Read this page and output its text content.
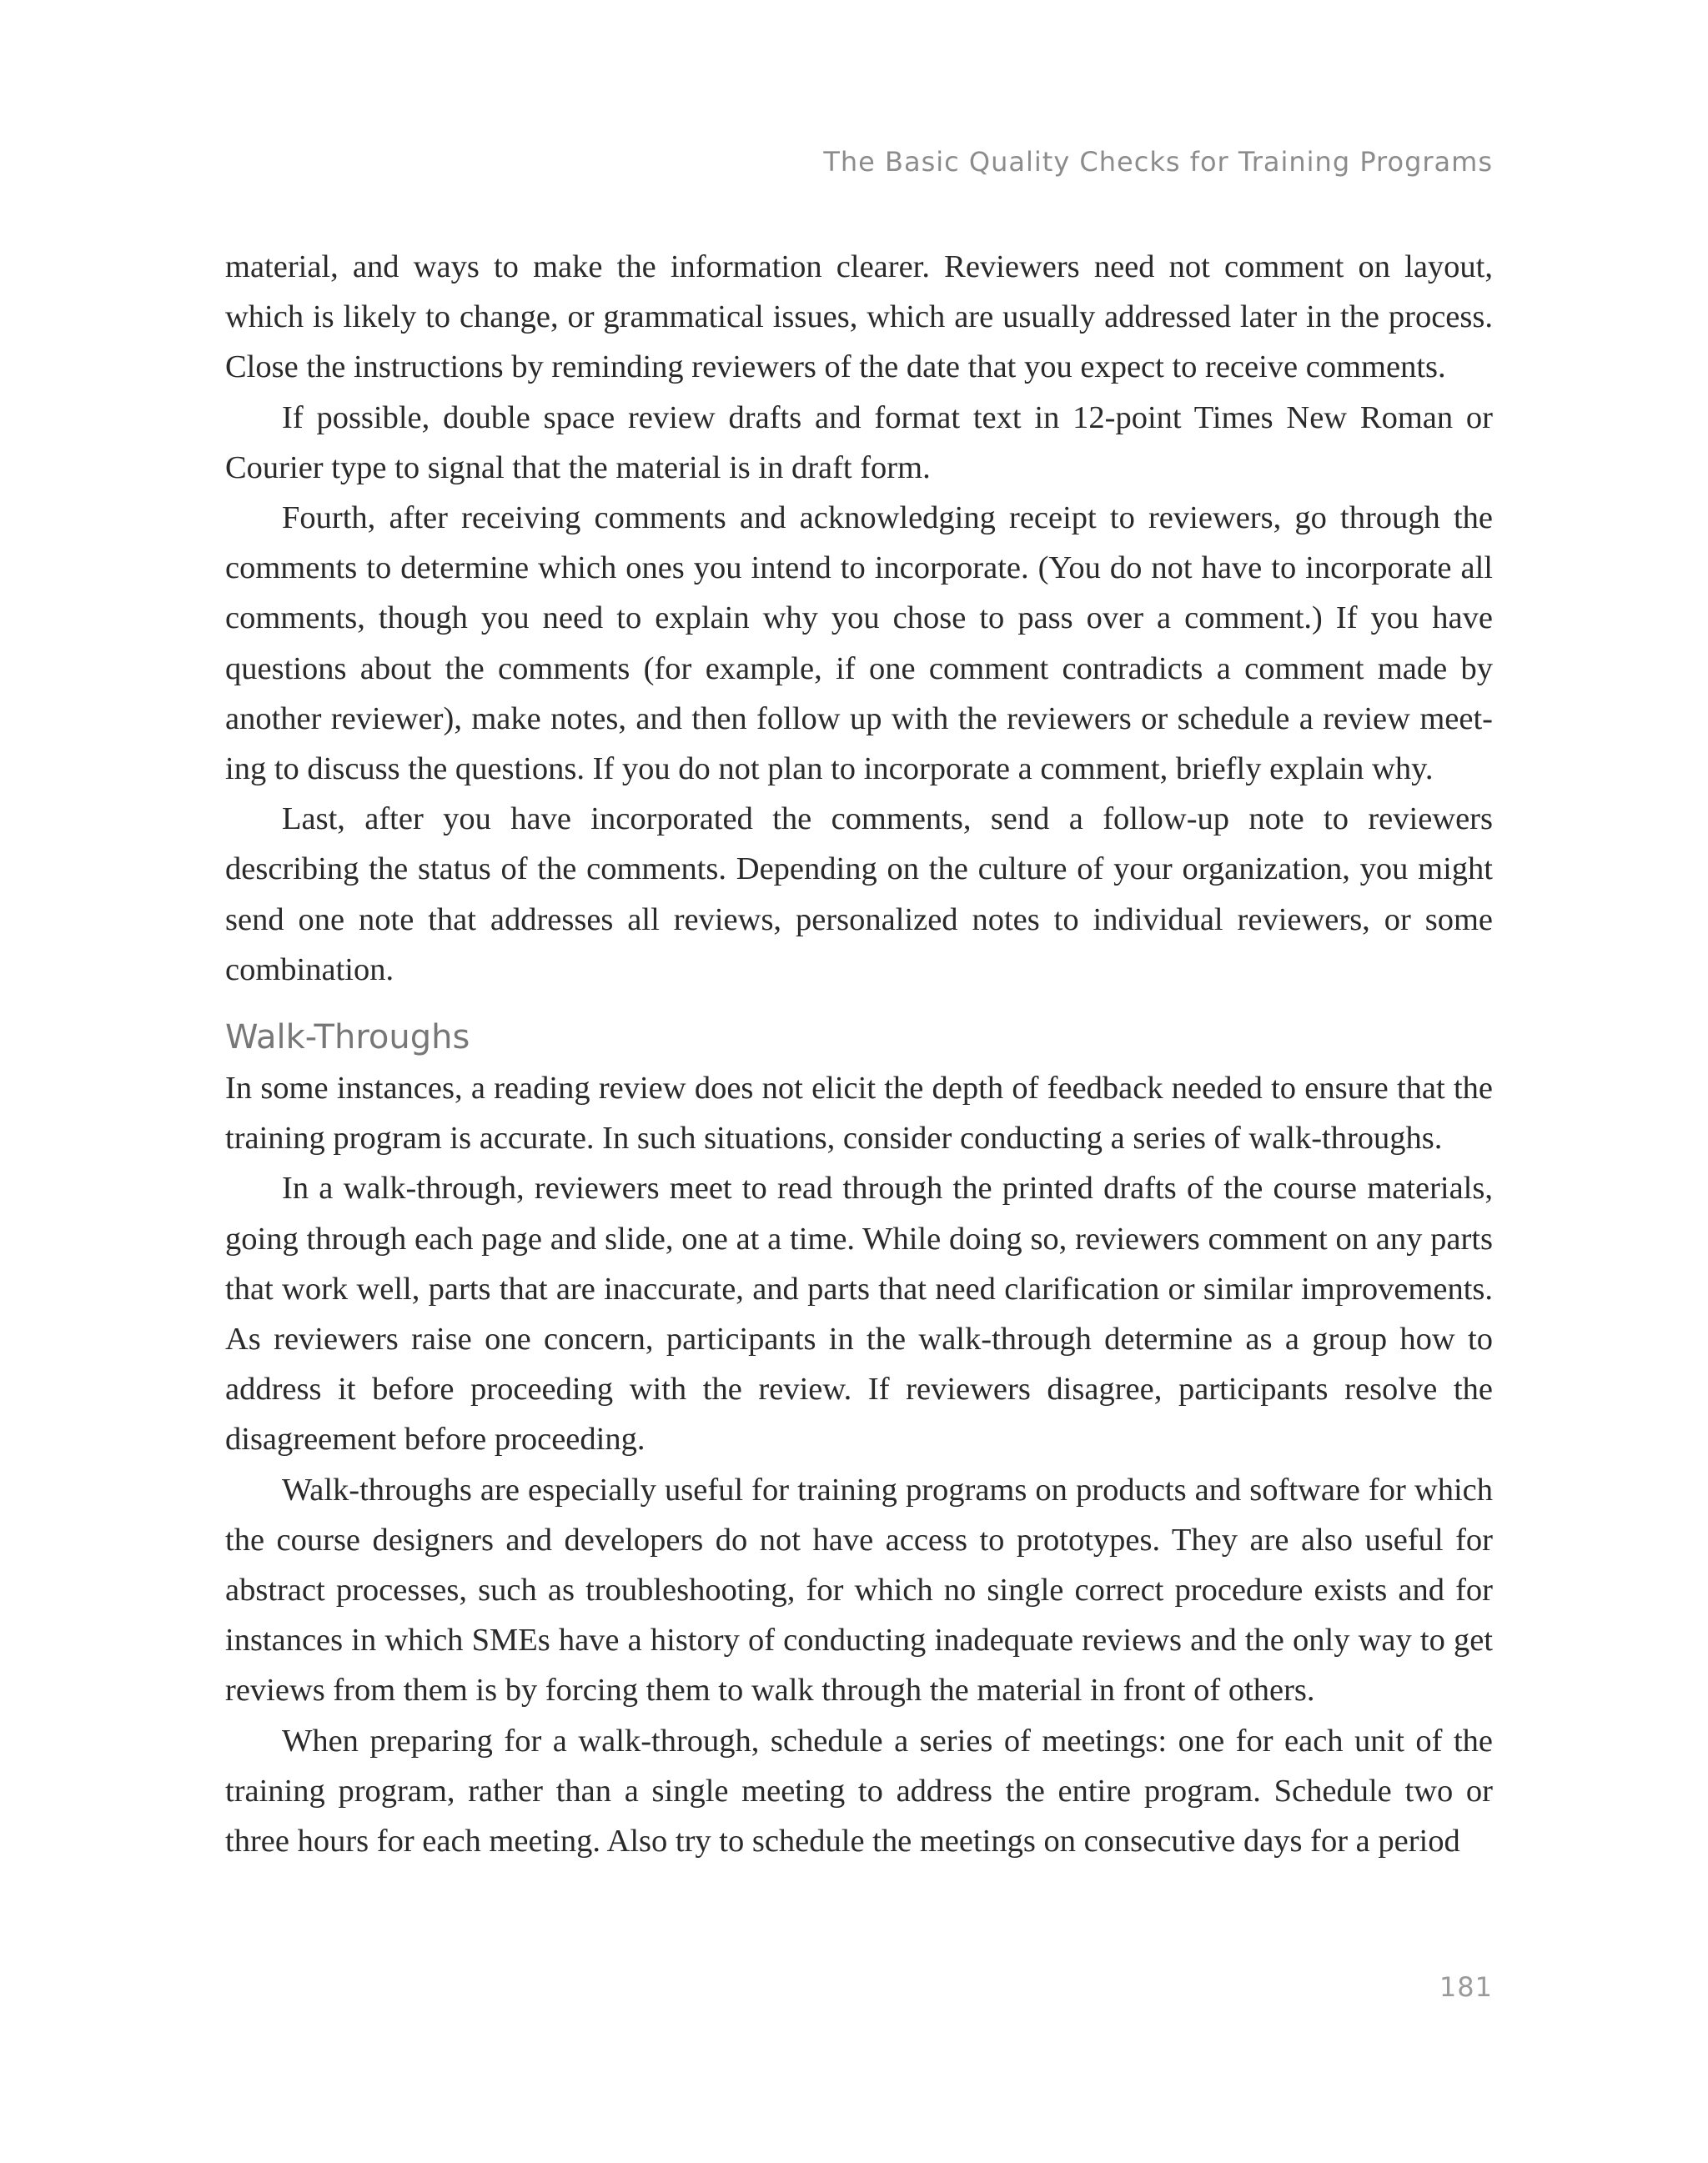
The Basic Quality Checks for Training Programs

material, and ways to make the information clearer. Reviewers need not comment on layout, which is likely to change, or grammatical issues, which are usually addressed later in the process. Close the instructions by reminding reviewers of the date that you expect to receive comments.

If possible, double space review drafts and format text in 12-point Times New Roman or Courier type to signal that the material is in draft form.

Fourth, after receiving comments and acknowledging receipt to reviewers, go through the comments to determine which ones you intend to incorporate. (You do not have to incorporate all comments, though you need to explain why you chose to pass over a comment.) If you have questions about the comments (for example, if one comment contradicts a comment made by another reviewer), make notes, and then follow up with the reviewers or schedule a review meeting to discuss the questions. If you do not plan to incorporate a comment, briefly explain why.

Last, after you have incorporated the comments, send a follow-up note to reviewers describing the status of the comments. Depending on the culture of your organization, you might send one note that addresses all reviews, personalized notes to individual reviewers, or some combination.

Walk-Throughs

In some instances, a reading review does not elicit the depth of feedback needed to ensure that the training program is accurate. In such situations, consider conducting a series of walk-throughs.

In a walk-through, reviewers meet to read through the printed drafts of the course materials, going through each page and slide, one at a time. While doing so, reviewers comment on any parts that work well, parts that are inaccurate, and parts that need clarification or similar improvements. As reviewers raise one concern, participants in the walk-through determine as a group how to address it before proceeding with the review. If reviewers disagree, participants resolve the disagreement before proceeding.

Walk-throughs are especially useful for training programs on products and software for which the course designers and developers do not have access to prototypes. They are also useful for abstract processes, such as troubleshooting, for which no single correct procedure exists and for instances in which SMEs have a history of conducting inadequate reviews and the only way to get reviews from them is by forcing them to walk through the material in front of others.

When preparing for a walk-through, schedule a series of meetings: one for each unit of the training program, rather than a single meeting to address the entire program. Schedule two or three hours for each meeting. Also try to schedule the meetings on consecutive days for a period

181
